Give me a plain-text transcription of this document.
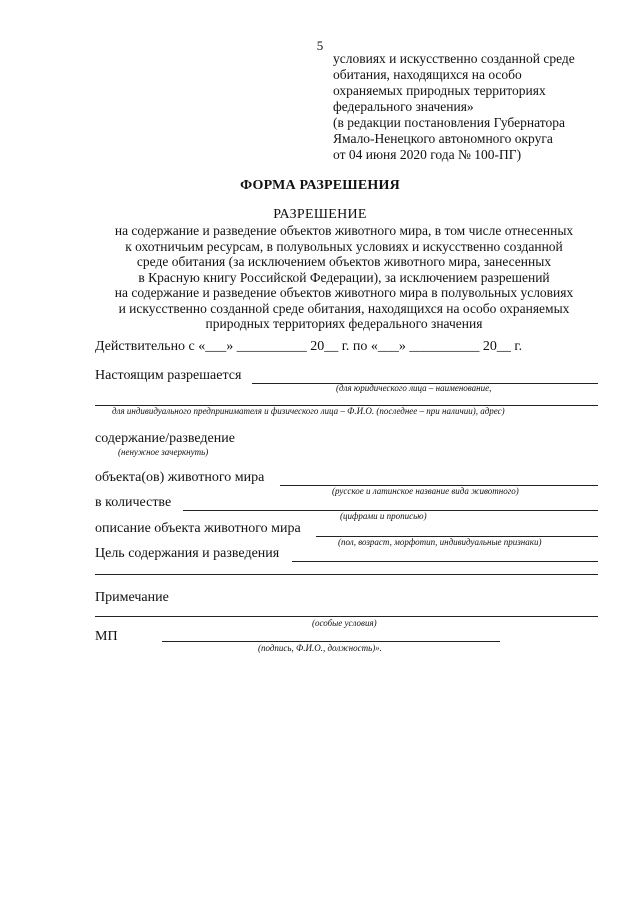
5
условиях и искусственно созданной среде
обитания, находящихся на особо
охраняемых природных территориях
федерального значения»
(в редакции постановления Губернатора
Ямало-Ненецкого автономного округа
от 04 июня 2020 года № 100-ПГ)
ФОРМА РАЗРЕШЕНИЯ
РАЗРЕШЕНИЕ
на содержание и разведение объектов животного мира, в том числе отнесенных
к охотничьим ресурсам, в полувольных условиях и искусственно созданной
среде обитания (за исключением объектов животного мира, занесенных
в Красную книгу Российской Федерации), за исключением разрешений
на содержание и разведение объектов животного мира в полувольных условиях
и искусственно созданной среде обитания, находящихся на особо охраняемых
природных территориях федерального значения
Действительно с «___» __________ 20__ г. по «___» __________ 20__ г.
Настоящим разрешается
(для юридического лица – наименование,
для индивидуального предпринимателя и физического лица – Ф.И.О. (последнее – при наличии), адрес)
содержание/разведение
(ненужное зачеркнуть)
объекта(ов) животного мира
(русское и латинское название вида животного)
в количестве
(цифрами и прописью)
описание объекта животного мира
(пол, возраст, морфотип, индивидуальные признаки)
Цель содержания и разведения
Примечание
(особые условия)
МП
(подпись, Ф.И.О., должность)».
